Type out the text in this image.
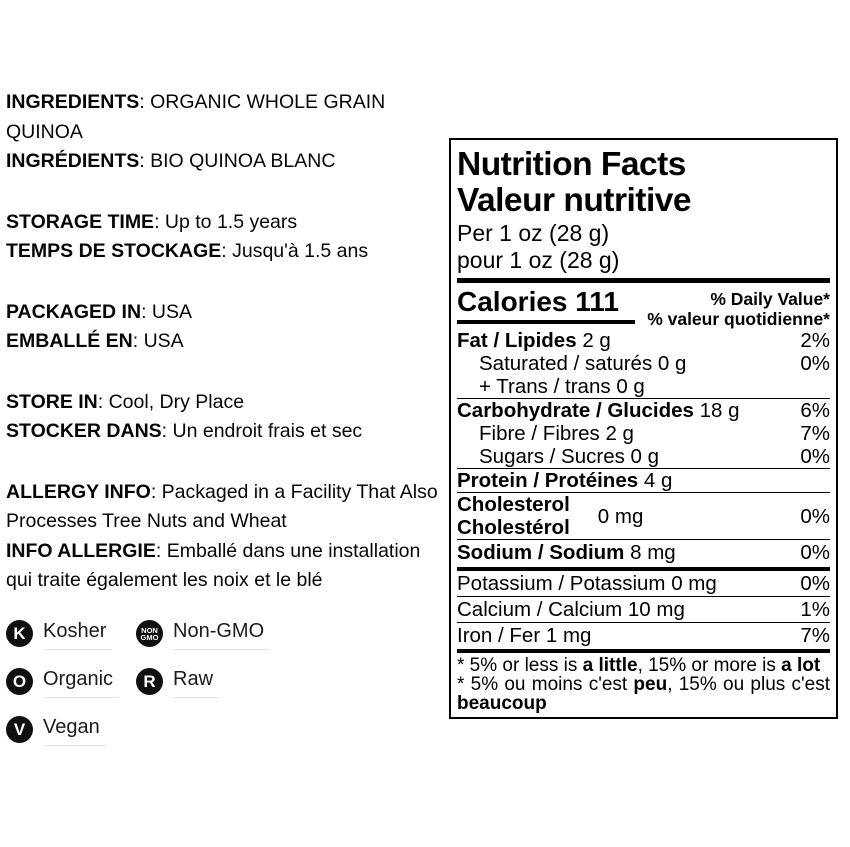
INGREDIENTS: ORGANIC WHOLE GRAIN QUINOA
INGRÉDIENTS: BIO QUINOA BLANC
STORAGE TIME: Up to 1.5 years
TEMPS DE STOCKAGE: Jusqu'à 1.5 ans
PACKAGED IN: USA
EMBALLÉ EN: USA
STORE IN: Cool, Dry Place
STOCKER DANS: Un endroit frais et sec
ALLERGY INFO: Packaged in a Facility That Also Processes Tree Nuts and Wheat
INFO ALLERGIE: Emballé dans une installation qui traite également les noix et le blé
K Kosher	NON GMO Non-GMO
O Organic	R Raw
V Vegan
Nutrition Facts
Valeur nutritive
Per 1 oz (28 g)
pour 1 oz (28 g)
Calories 111	% Daily Value*
% valeur quotidienne*
Fat / Lipides 2 g	2%
Saturated / saturés 0 g	0%
+ Trans / trans 0 g
Carbohydrate / Glucides 18 g	6%
Fibre / Fibres 2 g	7%
Sugars / Sucres 0 g	0%
Protein / Protéines 4 g
Cholesterol
Cholestérol	0 mg	0%
Sodium / Sodium 8 mg	0%
Potassium / Potassium 0 mg	0%
Calcium / Calcium 10 mg	1%
Iron / Fer 1 mg	7%
* 5% or less is a little, 15% or more is a lot
* 5% ou moins c'est peu, 15% ou plus c'est beaucoup
